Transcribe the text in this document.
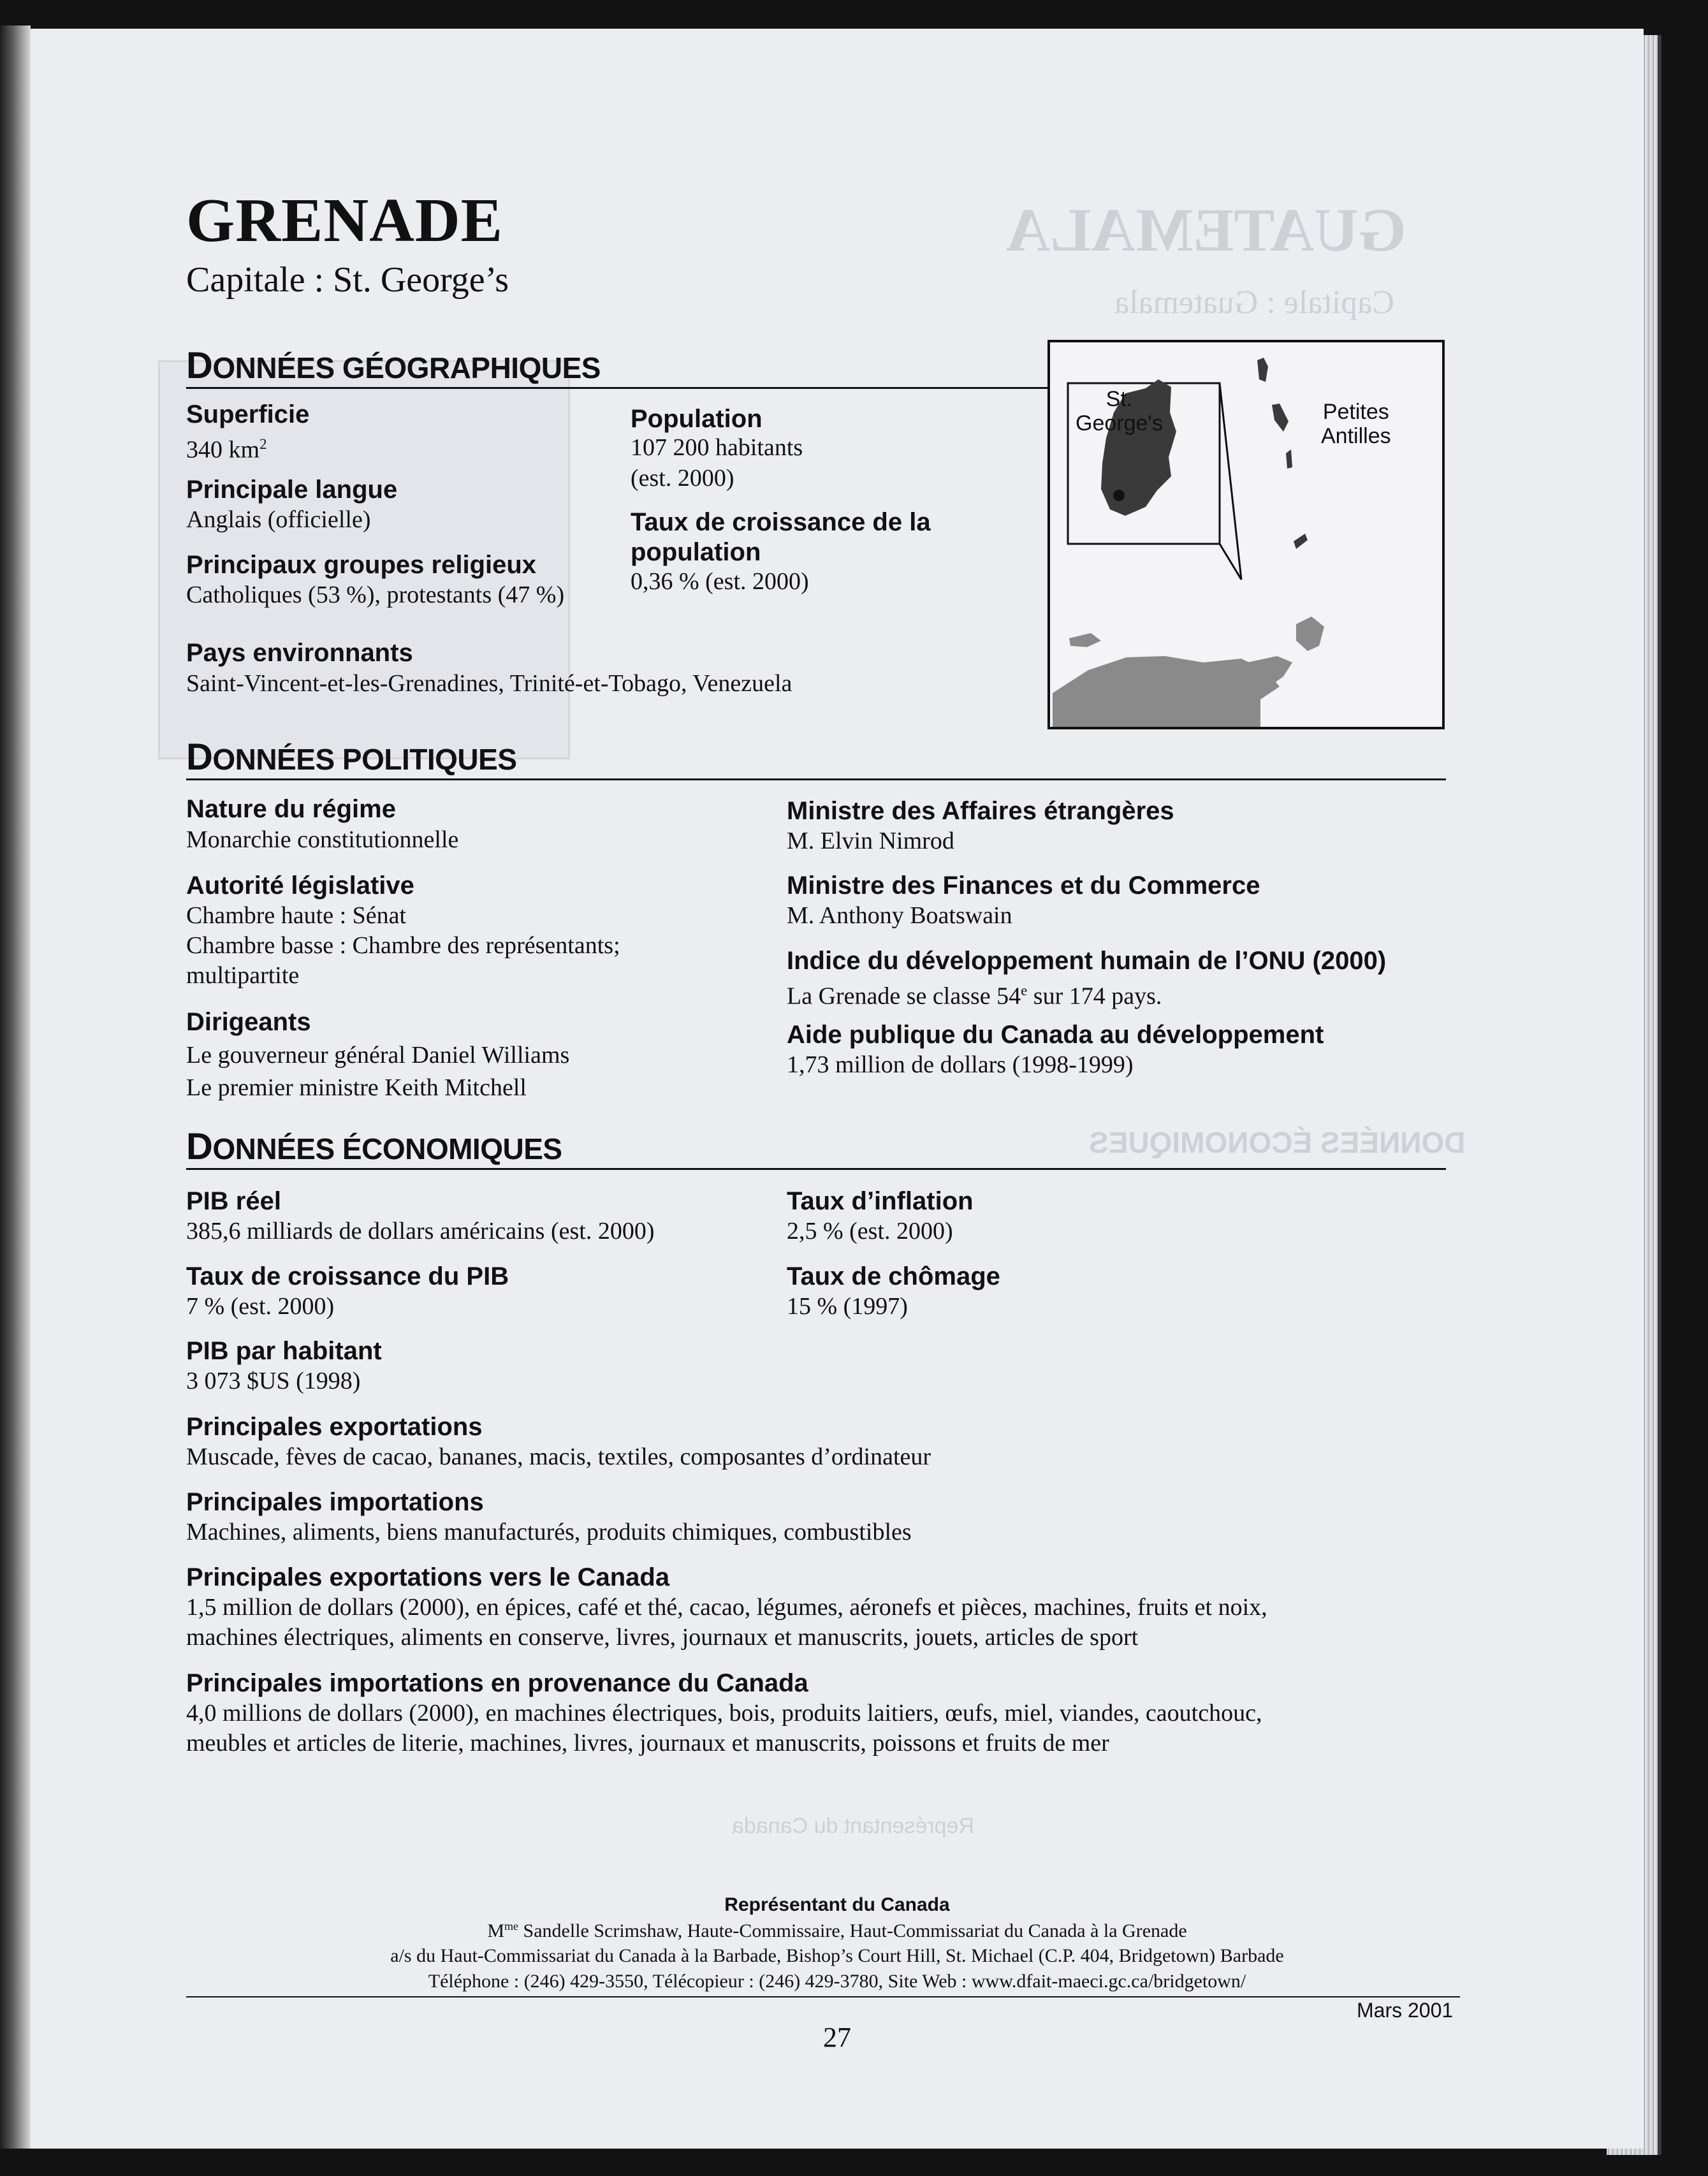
GUATEMALA
Capitale : Guatemala
DONNÉES ÉCONOMIQUES
Représentant du Canada
GRENADE
Capitale : St. George’s
DONNÉES GÉOGRAPHIQUES
Superficie
340 $km^2$
Principale langue
Anglais (officielle)
Principaux groupes religieux
Catholiques (53 %), protestants (47 %)
Pays environnants
Saint-Vincent-et-les-Grenadines, Trinité-et-Tobago, Venezuela
Population
107 200 habitants
(est. 2000)
Taux de croissance de la
population
0,36 % (est. 2000)
St.
George's	Petites
Antilles
DONNÉES POLITIQUES
Nature du régime
Monarchie constitutionnelle
Autorité législative
Chambre haute : Sénat
Chambre basse : Chambre des représentants;
multipartite
Dirigeants
Le gouverneur général Daniel Williams
Le premier ministre Keith Mitchell
Ministre des Affaires étrangères
M. Elvin Nimrod
Ministre des Finances et du Commerce
M. Anthony Boatswain
Indice du développement humain de l’ONU (2000)
La Grenade se classe 54e sur 174 pays.
Aide publique du Canada au développement
1,73 million de dollars (1998-1999)
DONNÉES ÉCONOMIQUES
PIB réel
385,6 milliards de dollars américains (est. 2000)
Taux de croissance du PIB
7 % (est. 2000)
PIB par habitant
3 073 $US (1998)
Taux d’inflation
2,5 % (est. 2000)
Taux de chômage
15 % (1997)
Principales exportations
Muscade, fèves de cacao, bananes, macis, textiles, composantes d’ordinateur
Principales importations
Machines, aliments, biens manufacturés, produits chimiques, combustibles
Principales exportations vers le Canada
1,5 million de dollars (2000), en épices, café et thé, cacao, légumes, aéronefs et pièces, machines, fruits et noix,
machines électriques, aliments en conserve, livres, journaux et manuscrits, jouets, articles de sport
Principales importations en provenance du Canada
4,0 millions de dollars (2000), en machines électriques, bois, produits laitiers, œufs, miel, viandes, caoutchouc,
meubles et articles de literie, machines, livres, journaux et manuscrits, poissons et fruits de mer
Représentant du Canada
$M^{me}$ Sandelle Scrimshaw, Haute-Commissaire, Haut-Commissariat du Canada à la Grenade
a/s du Haut-Commissariat du Canada à la Barbade, Bishop’s Court Hill, St. Michael (C.P. 404, Bridgetown) Barbade
Téléphone : (246) 429-3550, Télécopieur : (246) 429-3780, Site Web : www.dfait-maeci.gc.ca/bridgetown/
Mars 2001
27
